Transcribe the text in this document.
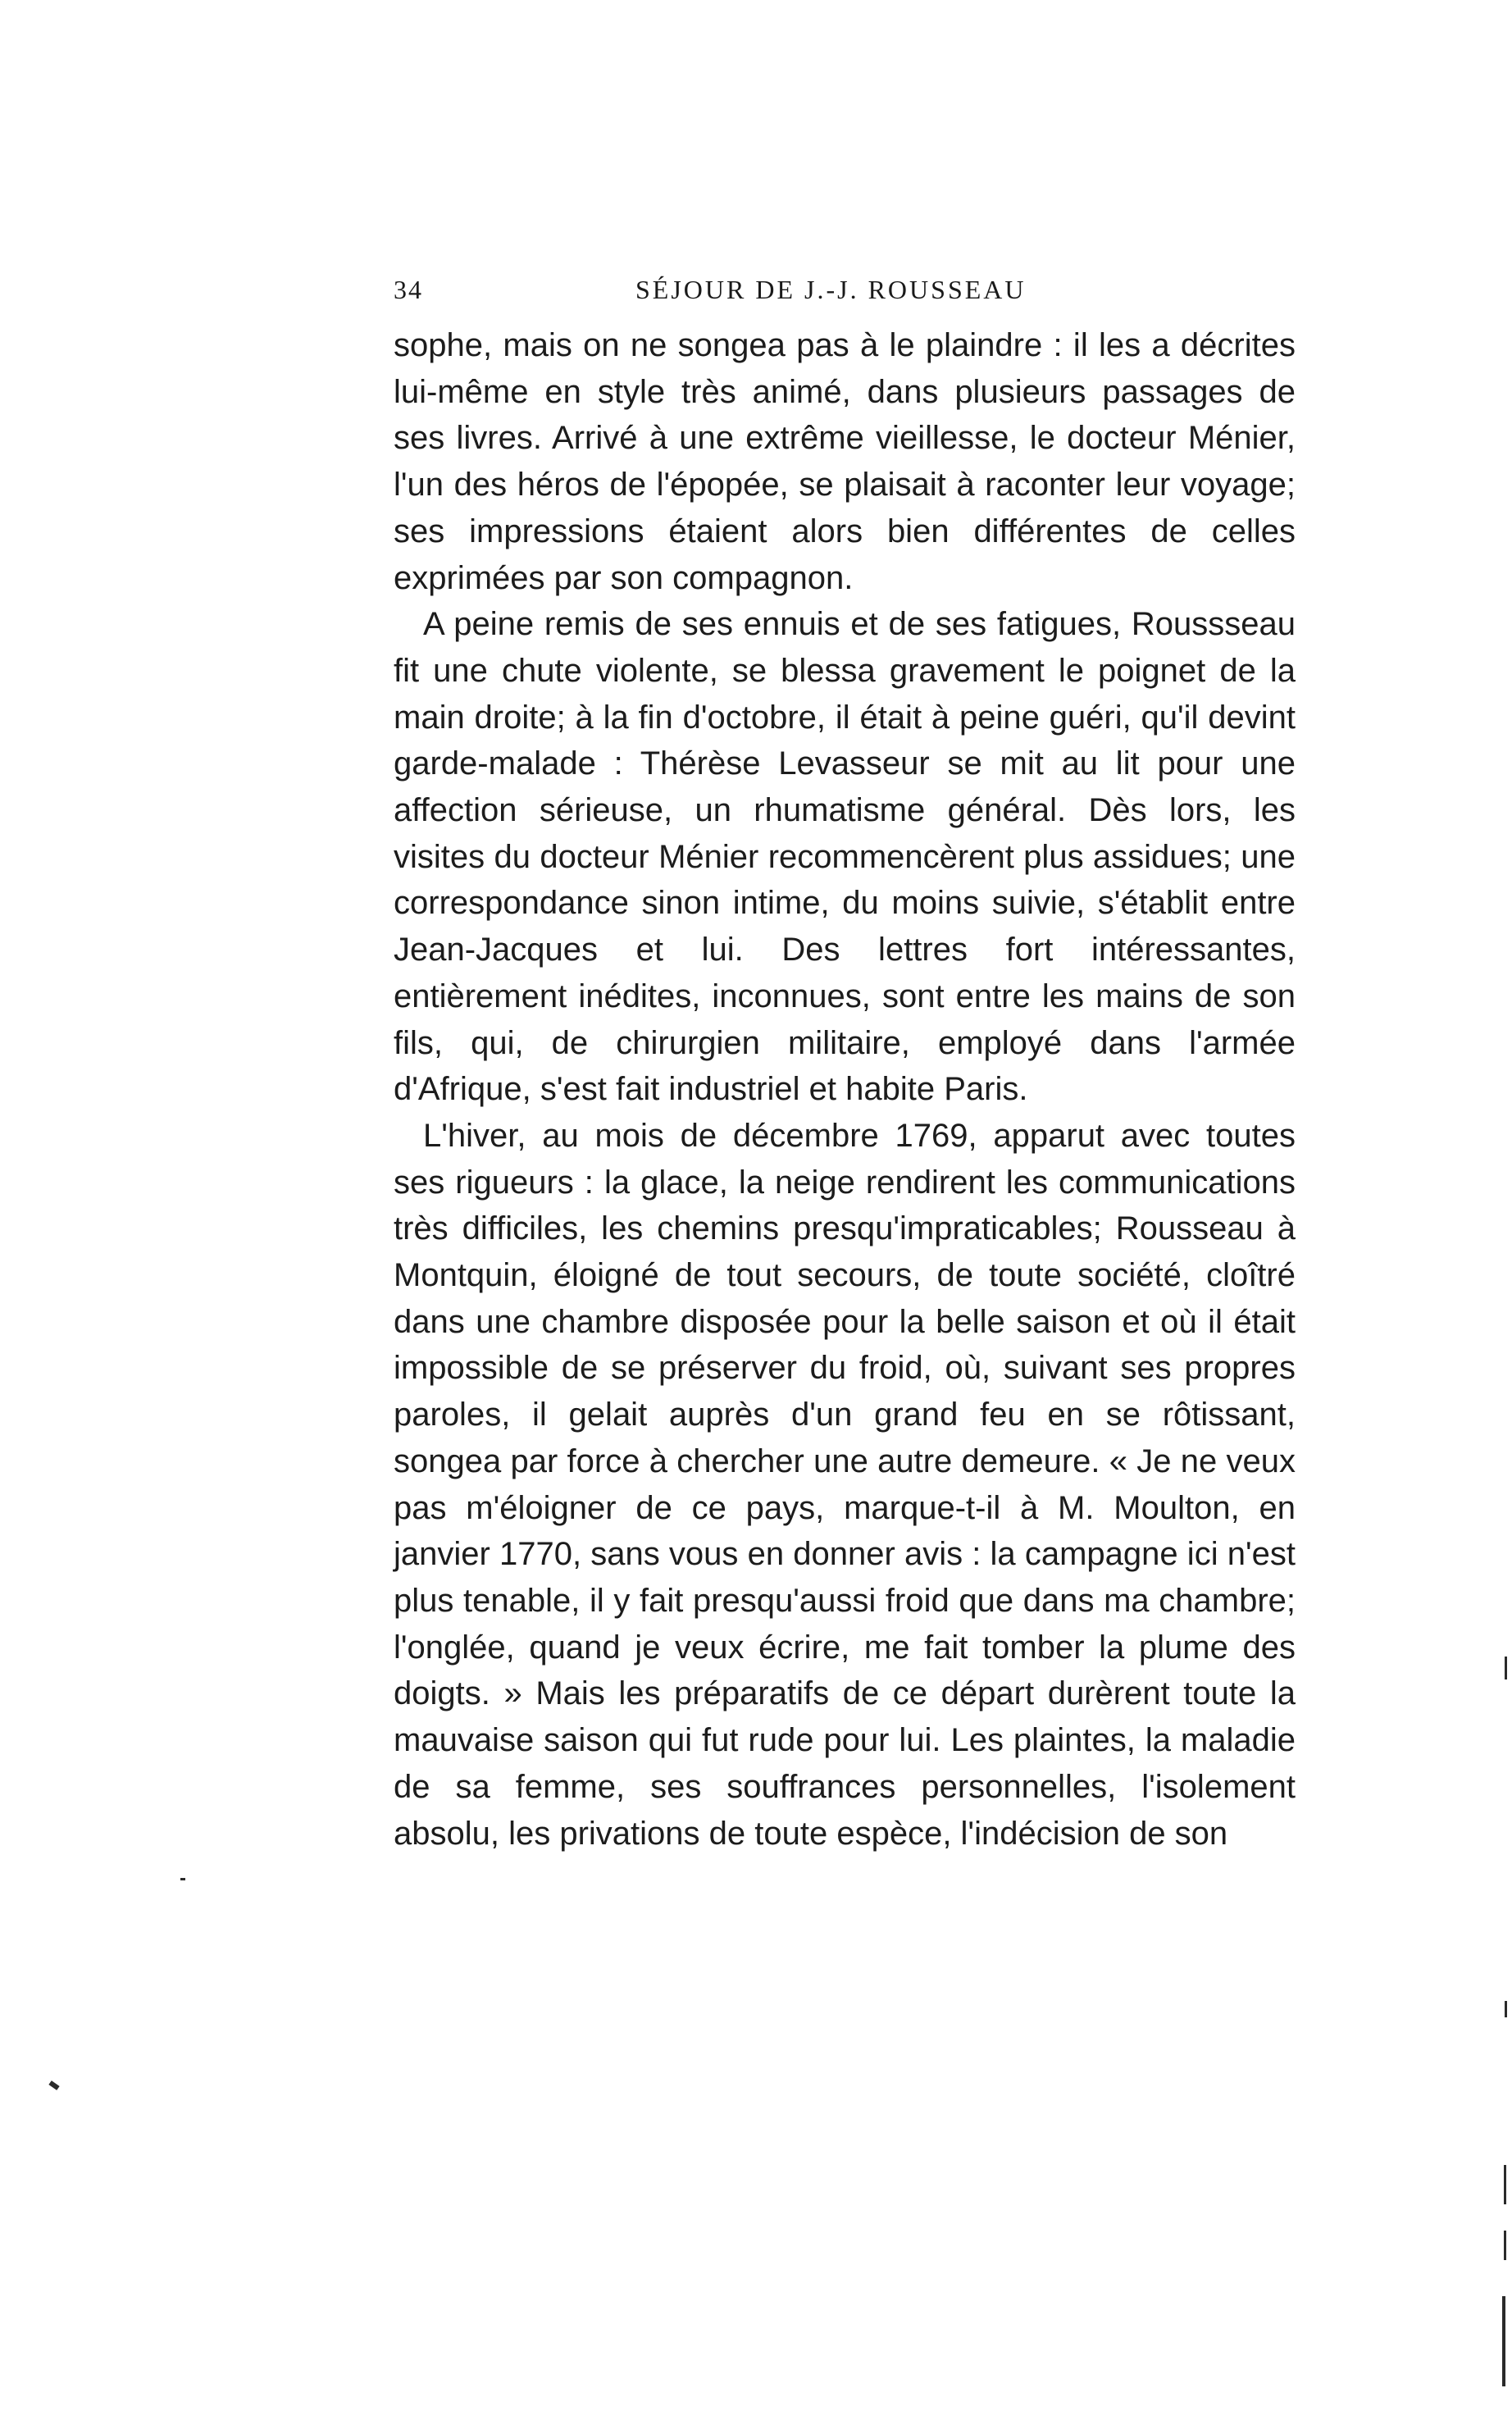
34	SÉJOUR DE J.-J. ROUSSEAU

sophe, mais on ne songea pas à le plaindre : il les a décrites lui-même en style très animé, dans plusieurs passages de ses livres. Arrivé à une extrême vieillesse, le docteur Ménier, l'un des héros de l'épopée, se plaisait à raconter leur voyage; ses impressions étaient alors bien différentes de celles exprimées par son compagnon.

A peine remis de ses ennuis et de ses fatigues, Roussseau fit une chute violente, se blessa gravement le poignet de la main droite; à la fin d'octobre, il était à peine guéri, qu'il devint garde-malade : Thérèse Levasseur se mit au lit pour une affection sérieuse, un rhumatisme général. Dès lors, les visites du docteur Ménier recommencèrent plus assidues; une correspondance sinon intime, du moins suivie, s'établit entre Jean-Jacques et lui. Des lettres fort intéressantes, entièrement inédites, inconnues, sont entre les mains de son fils, qui, de chirurgien militaire, employé dans l'armée d'Afrique, s'est fait industriel et habite Paris.

L'hiver, au mois de décembre 1769, apparut avec toutes ses rigueurs : la glace, la neige rendirent les communications très difficiles, les chemins presqu'impraticables; Rousseau à Montquin, éloigné de tout secours, de toute société, cloîtré dans une chambre disposée pour la belle saison et où il était impossible de se préserver du froid, où, suivant ses propres paroles, il gelait auprès d'un grand feu en se rôtissant, songea par force à chercher une autre demeure. « Je ne veux pas m'éloigner de ce pays, marque-t-il à M. Moulton, en janvier 1770, sans vous en donner avis : la campagne ici n'est plus tenable, il y fait presqu'aussi froid que dans ma chambre; l'onglée, quand je veux écrire, me fait tomber la plume des doigts. » Mais les préparatifs de ce départ durèrent toute la mauvaise saison qui fut rude pour lui. Les plaintes, la maladie de sa femme, ses souffrances personnelles, l'isolement absolu, les privations de toute espèce, l'indécision de son
